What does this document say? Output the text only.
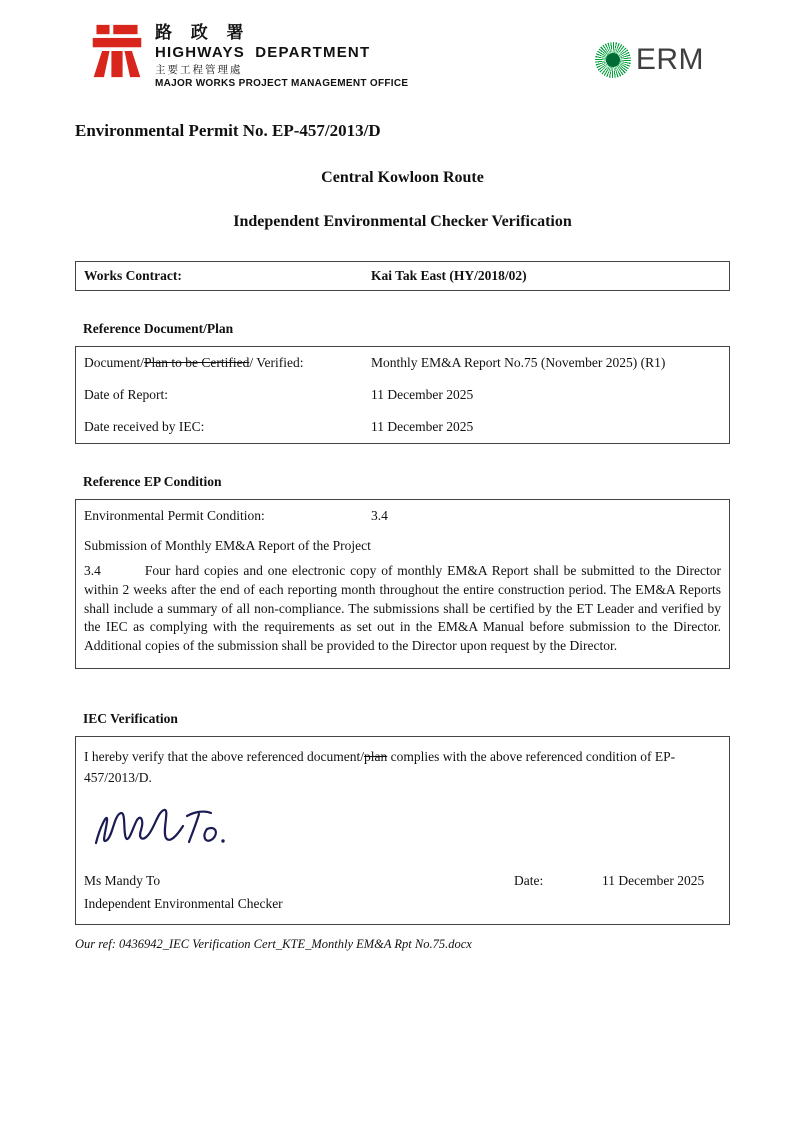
路 政 署
HIGHWAYS DEPARTMENT
主要工程管理處
MAJOR WORKS PROJECT MANAGEMENT OFFICE
ERM
Environmental Permit No. EP-457/2013/D
Central Kowloon Route
Independent Environmental Checker Verification
Works Contract:	Kai Tak East (HY/2018/02)
Reference Document/Plan
Document/Plan to be Certified/ Verified:	Monthly EM&A Report No.75 (November 2025) (R1)
Date of Report:	11 December 2025
Date received by IEC:	11 December 2025
Reference EP Condition
Environmental Permit Condition:	3.4
Submission of Monthly EM&A Report of the Project

3.4	Four hard copies and one electronic copy of monthly EM&A Report shall be submitted to the Director within 2 weeks after the end of each reporting month throughout the entire construction period. The EM&A Reports shall include a summary of all non-compliance. The submissions shall be certified by the ET Leader and verified by the IEC as complying with the requirements as set out in the EM&A Manual before submission to the Director. Additional copies of the submission shall be provided to the Director upon request by the Director.

IEC Verification

I hereby verify that the above referenced document/plan complies with the above referenced condition of EP-457/2013/D.

Ms Mandy To	Date:	11 December 2025
Independent Environmental Checker
Our ref: 0436942_IEC Verification Cert_KTE_Monthly EM&A Rpt No.75.docx
